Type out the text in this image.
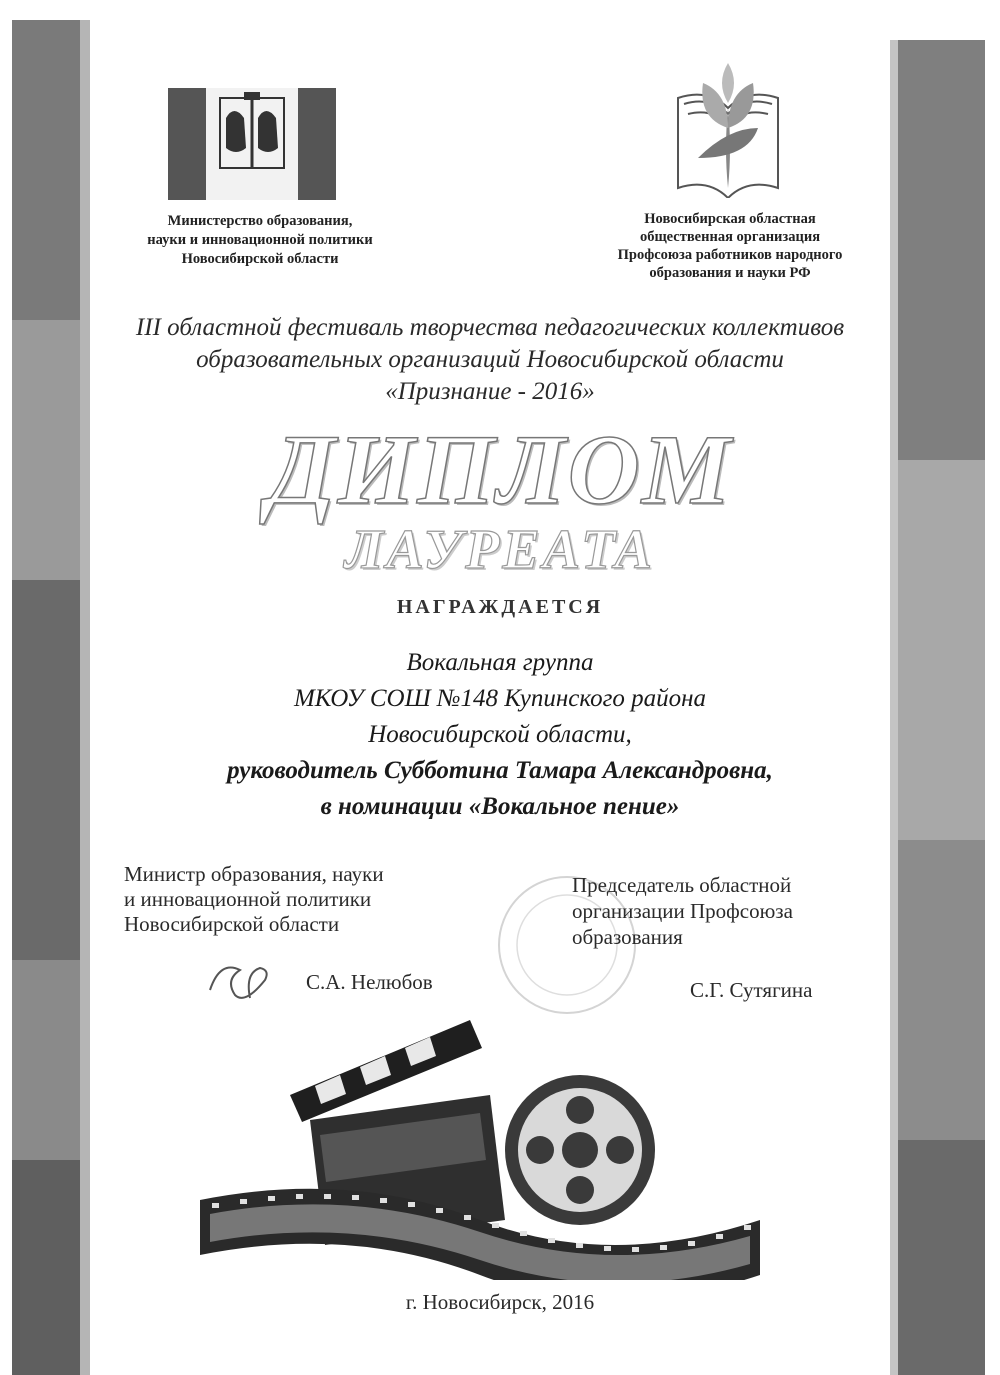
Министерство образования,
науки и инновационной политики
Новосибирской области
Новосибирская областная
общественная организация
Профсоюза работников народного
образования и науки РФ
III областной фестиваль творчества педагогических коллективов
образовательных организаций Новосибирской области
«Признание - 2016»
ДИПЛОМ
ЛАУРЕАТА
НАГРАЖДАЕТСЯ
Вокальная группа
МКОУ СОШ №148 Купинского района
Новосибирской области,
руководитель Субботина Тамара Александровна,
в номинации «Вокальное пение»
Министр образования, науки
и инновационной политики
Новосибирской области
Председатель областной
организации Профсоюза
образования
С.А. Нелюбов	С.Г. Сутягина
г. Новосибирск, 2016
